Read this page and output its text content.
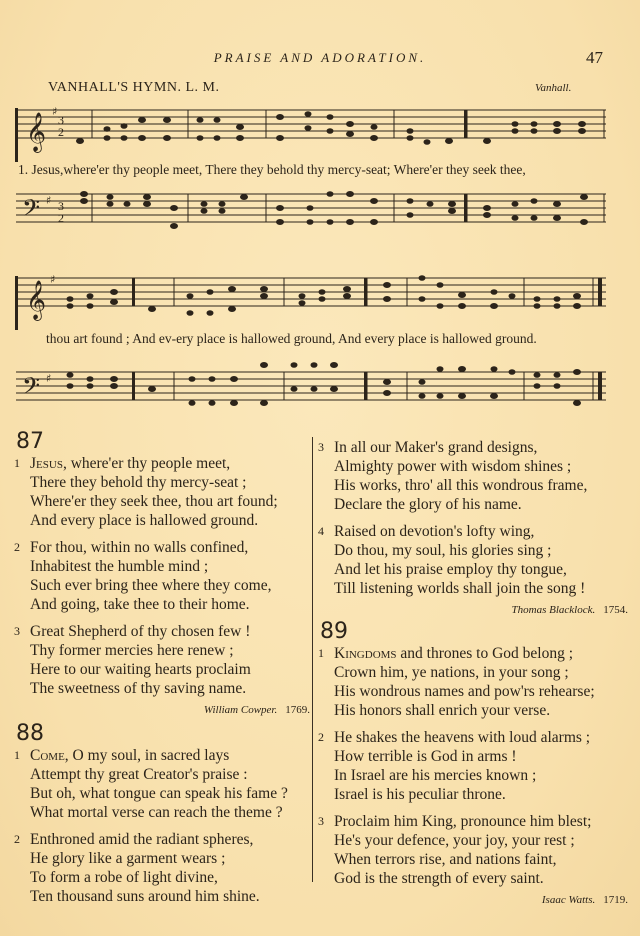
PRAISE AND ADORATION.	47
VANHALL'S HYMN. L. M.	Vanhall.
𝄞
♯
3
2
1. Jesus,where'er thy people meet, There they behold thy mercy-seat; Where'er they seek thee,
𝄢 ♯ 3
2
𝄞
♯
thou art found ; And ev-ery place is hallowed ground, And every place is hallowed ground.
𝄢 ♯
87
1 Jesus, where'er thy people meet,
There they behold thy mercy-seat ;
Where'er they seek thee, thou art found;
And every place is hallowed ground.
2 For thou, within no walls confined,
Inhabitest the humble mind ;
Such ever bring thee where they come,
And going, take thee to their home.
3 Great Shepherd of thy chosen few !
Thy former mercies here renew ;
Here to our waiting hearts proclaim
The sweetness of thy saving name.
William Cowper. 1769.
88
1 Come, O my soul, in sacred lays
Attempt thy great Creator's praise :
But oh, what tongue can speak his fame ?
What mortal verse can reach the theme ?
2 Enthroned amid the radiant spheres,
He glory like a garment wears ;
To form a robe of light divine,
Ten thousand suns around him shine.
3 In all our Maker's grand designs,
Almighty power with wisdom shines ;
His works, thro' all this wondrous frame,
Declare the glory of his name.
4 Raised on devotion's lofty wing,
Do thou, my soul, his glories sing ;
And let his praise employ thy tongue,
Till listening worlds shall join the song !
Thomas Blacklock. 1754.
89
1 Kingdoms and thrones to God belong ;
Crown him, ye nations, in your song ;
His wondrous names and pow'rs rehearse;
His honors shall enrich your verse.
2 He shakes the heavens with loud alarms ;
How terrible is God in arms !
In Israel are his mercies known ;
Israel is his peculiar throne.
3 Proclaim him King, pronounce him blest;
He's your defence, your joy, your rest ;
When terrors rise, and nations faint,
God is the strength of every saint.
Isaac Watts. 1719.
